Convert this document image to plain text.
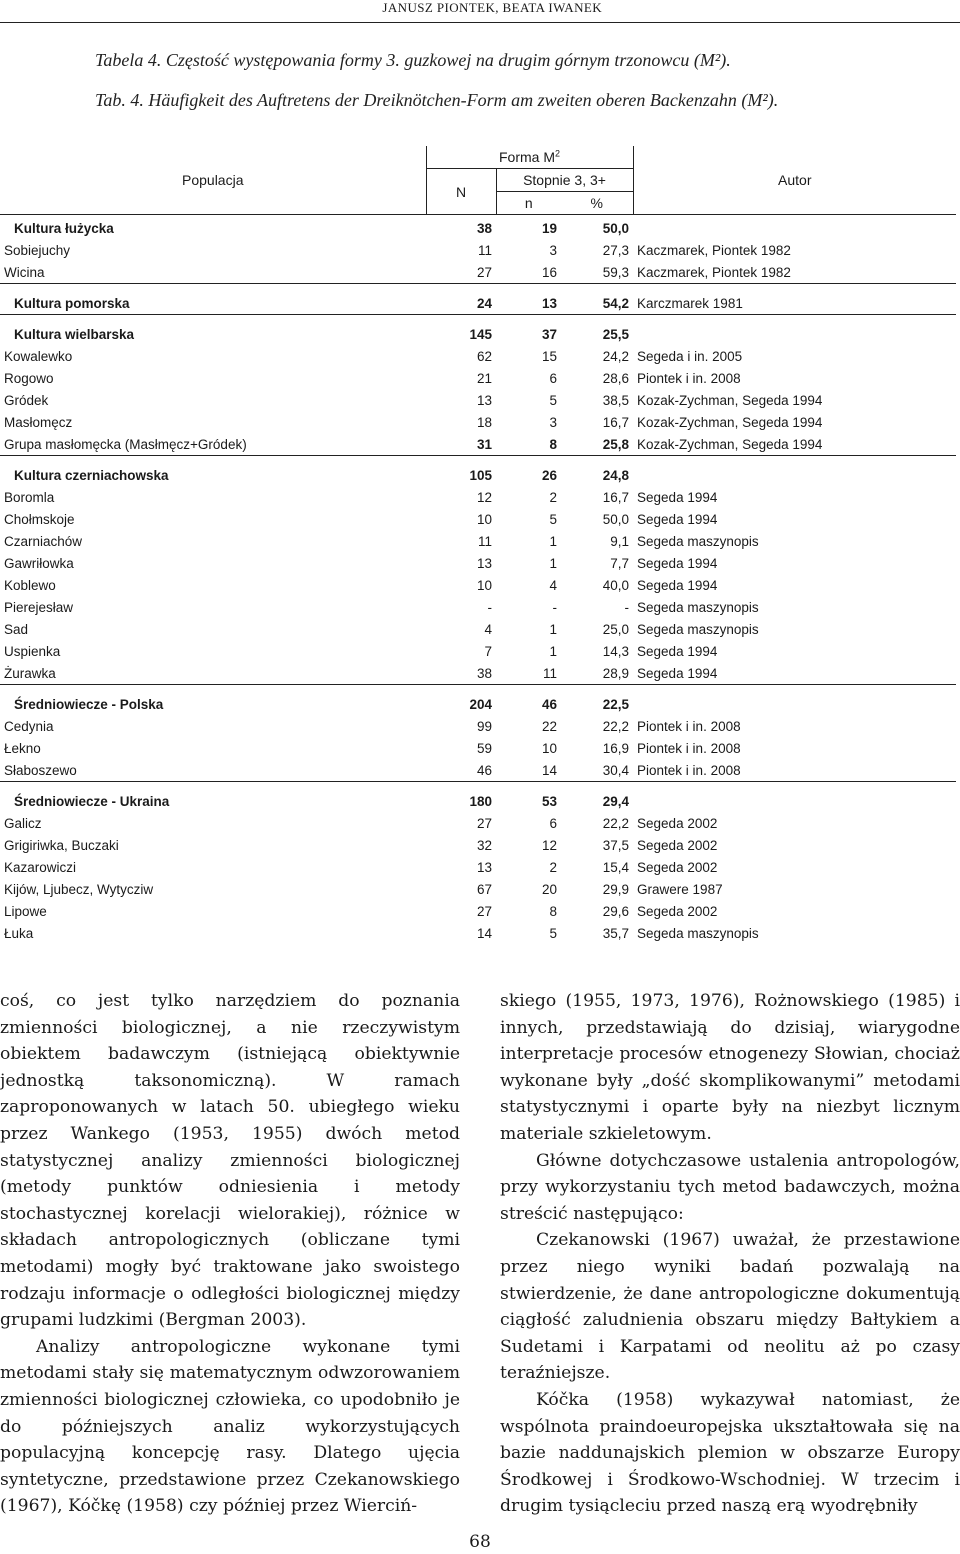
JANUSZ PIONTEK, BEATA IWANEK
Tabela 4. Częstość występowania formy 3. guzkowej na drugim górnym trzonowcu (M²).
Tab. 4. Häufigkeit des Auftretens der Dreiknötchen-Form am zweiten oberen Backenzahn (M²).
Populacja	Forma $M^2$			Autor
	N	Stopnie 3, 3+		
		n	%	
Kultura łużycka	38	19	50,0	
Sobiejuchy	11	3	27,3	Kaczmarek, Piontek 1982
Wicina	27	16	59,3	Kaczmarek, Piontek 1982
Kultura pomorska	24	13	54,2	Karczmarek 1981
Kultura wielbarska	145	37	25,5	
Kowalewko	62	15	24,2	Segeda i in. 2005
Rogowo	21	6	28,6	Piontek i in. 2008
Gródek	13	5	38,5	Kozak-Zychman, Segeda 1994
Masłomęcz	18	3	16,7	Kozak-Zychman, Segeda 1994
Grupa masłomęcka (Masłmęcz+Gródek)	31	8	25,8	Kozak-Zychman, Segeda 1994
Kultura czerniachowska	105	26	24,8	
Boromla	12	2	16,7	Segeda 1994
Chołmskoje	10	5	50,0	Segeda 1994
Czarniachów	11	1	9,1	Segeda maszynopis
Gawriłowka	13	1	7,7	Segeda 1994
Koblewo	10	4	40,0	Segeda 1994
Pierejesław	-	-	-	Segeda maszynopis
Sad	4	1	25,0	Segeda maszynopis
Uspienka	7	1	14,3	Segeda 1994
Żurawka	38	11	28,9	Segeda 1994
Średniowiecze - Polska	204	46	22,5	
Cedynia	99	22	22,2	Piontek i in. 2008
Łekno	59	10	16,9	Piontek i in. 2008
Słaboszewo	46	14	30,4	Piontek i in. 2008
Średniowiecze - Ukraina	180	53	29,4	
Galicz	27	6	22,2	Segeda 2002
Grigiriwka, Buczaki	32	12	37,5	Segeda 2002
Kazarowiczi	13	2	15,4	Segeda 2002
Kijów, Ljubecz, Wytycziw	67	20	29,9	Grawere 1987
Lipowe	27	8	29,6	Segeda 2002
Łuka	14	5	35,7	Segeda maszynopis

coś, co jest tylko narzędziem do poznania zmienności biologicznej, a nie rzeczywistym obiektem badawczym (istniejącą obiektywnie jednostką taksonomiczną). W ramach zaproponowanych w latach 50. ubiegłego wieku przez Wankego (1953, 1955) dwóch metod statystycznej analizy zmienności biologicznej (metody punktów odniesienia i metody stochastycznej korelacji wielorakiej), różnice w składach antropologicznych (obliczane tymi metodami) mogły być traktowane jako swoistego rodzaju informacje o odległości biologicznej między grupami ludzkimi (Bergman 2003).

Analizy antropologiczne wykonane tymi metodami stały się matematycznym odwzorowaniem zmienności biologicznej człowieka, co upodobniło je do późniejszych analiz wykorzystujących populacyjną koncepcję rasy. Dlatego ujęcia syntetyczne, przedstawione przez Czekanowskiego (1967), Kóčkę (1958) czy później przez Wierciń-

skiego (1955, 1973, 1976), Rożnowskiego (1985) i innych, przedstawiają do dzisiaj, wiarygodne interpretacje procesów etnogenezy Słowian, chociaż wykonane były „dość skomplikowanymi” metodami statystycznymi i oparte były na niezbyt licznym materiale szkieletowym.

Główne dotychczasowe ustalenia antropologów, przy wykorzystaniu tych metod badawczych, można streścić następująco:

Czekanowski (1967) uważał, że przestawione przez niego wyniki badań pozwalają na stwierdzenie, że dane antropologiczne dokumentują ciągłość zaludnienia obszaru między Bałtykiem a Sudetami i Karpatami od neolitu aż po czasy teraźniejsze.

Kóčka (1958) wykazywał natomiast, że wspólnota praindoeuropejska ukształtowała się na bazie naddunajskich plemion w obszarze Europy Środkowej i Środkowo-Wschodniej. W trzecim i drugim tysiącleciu przed naszą erą wyodrębniły

68
